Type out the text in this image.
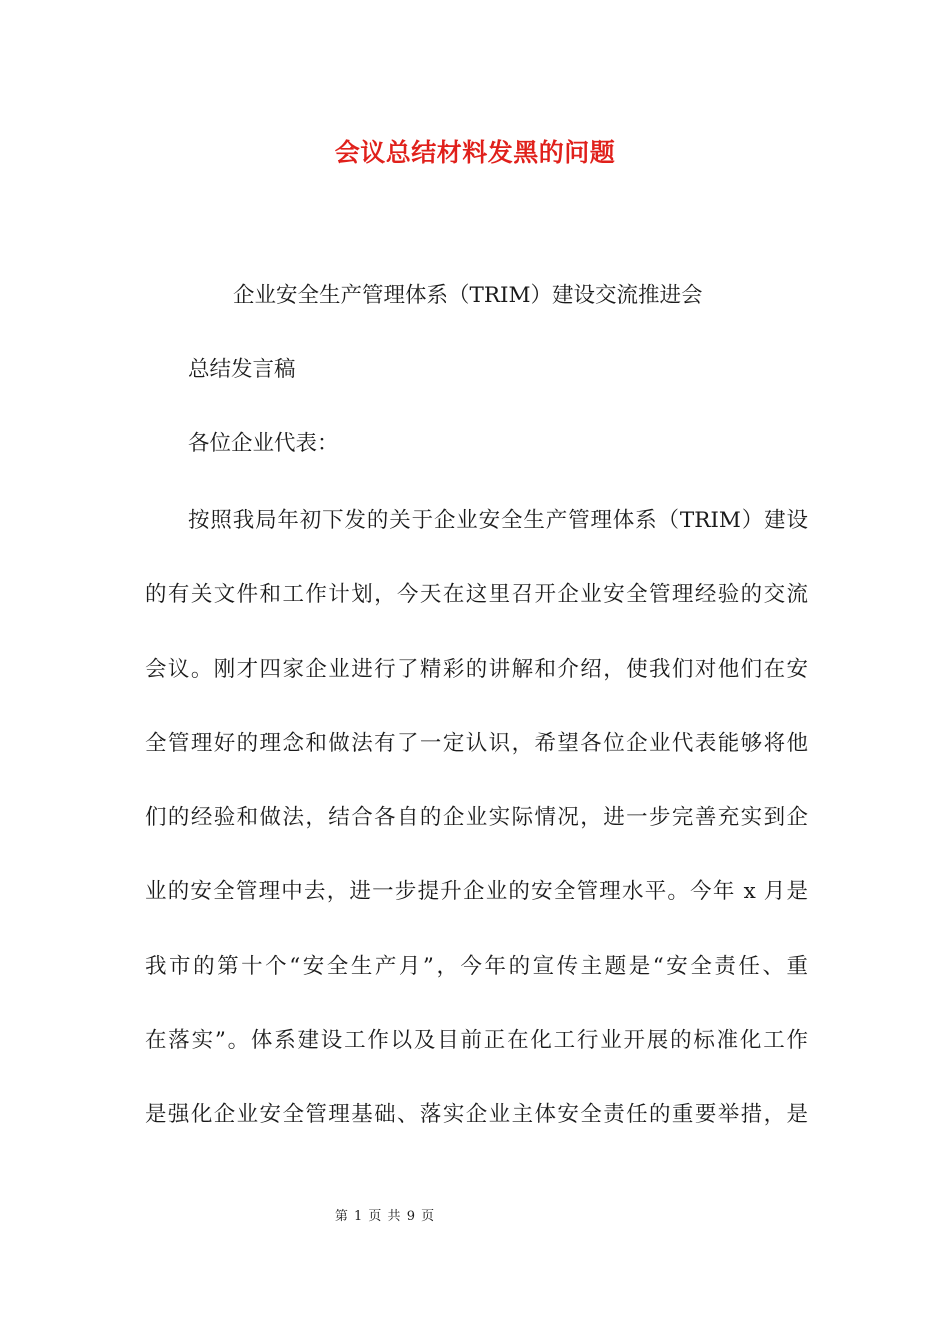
会议总结材料发黑的问题
企业安全生产管理体系（TRIM）建设交流推进会
总结发言稿
各位企业代表：
按照我局年初下发的关于企业安全生产管理体系（TRIM）建设
的有关文件和工作计划，今天在这里召开企业安全管理经验的交流
会议。刚才四家企业进行了精彩的讲解和介绍，使我们对他们在安
全管理好的理念和做法有了一定认识，希望各位企业代表能够将他
们的经验和做法，结合各自的企业实际情况，进一步完善充实到企
业的安全管理中去，进一步提升企业的安全管理水平。今年 x 月是
我市的第十个“安全生产月”，今年的宣传主题是“安全责任、重
在落实”。体系建设工作以及目前正在化工行业开展的标准化工作
是强化企业安全管理基础、落实企业主体安全责任的重要举措，是
第 1 页 共 9 页
